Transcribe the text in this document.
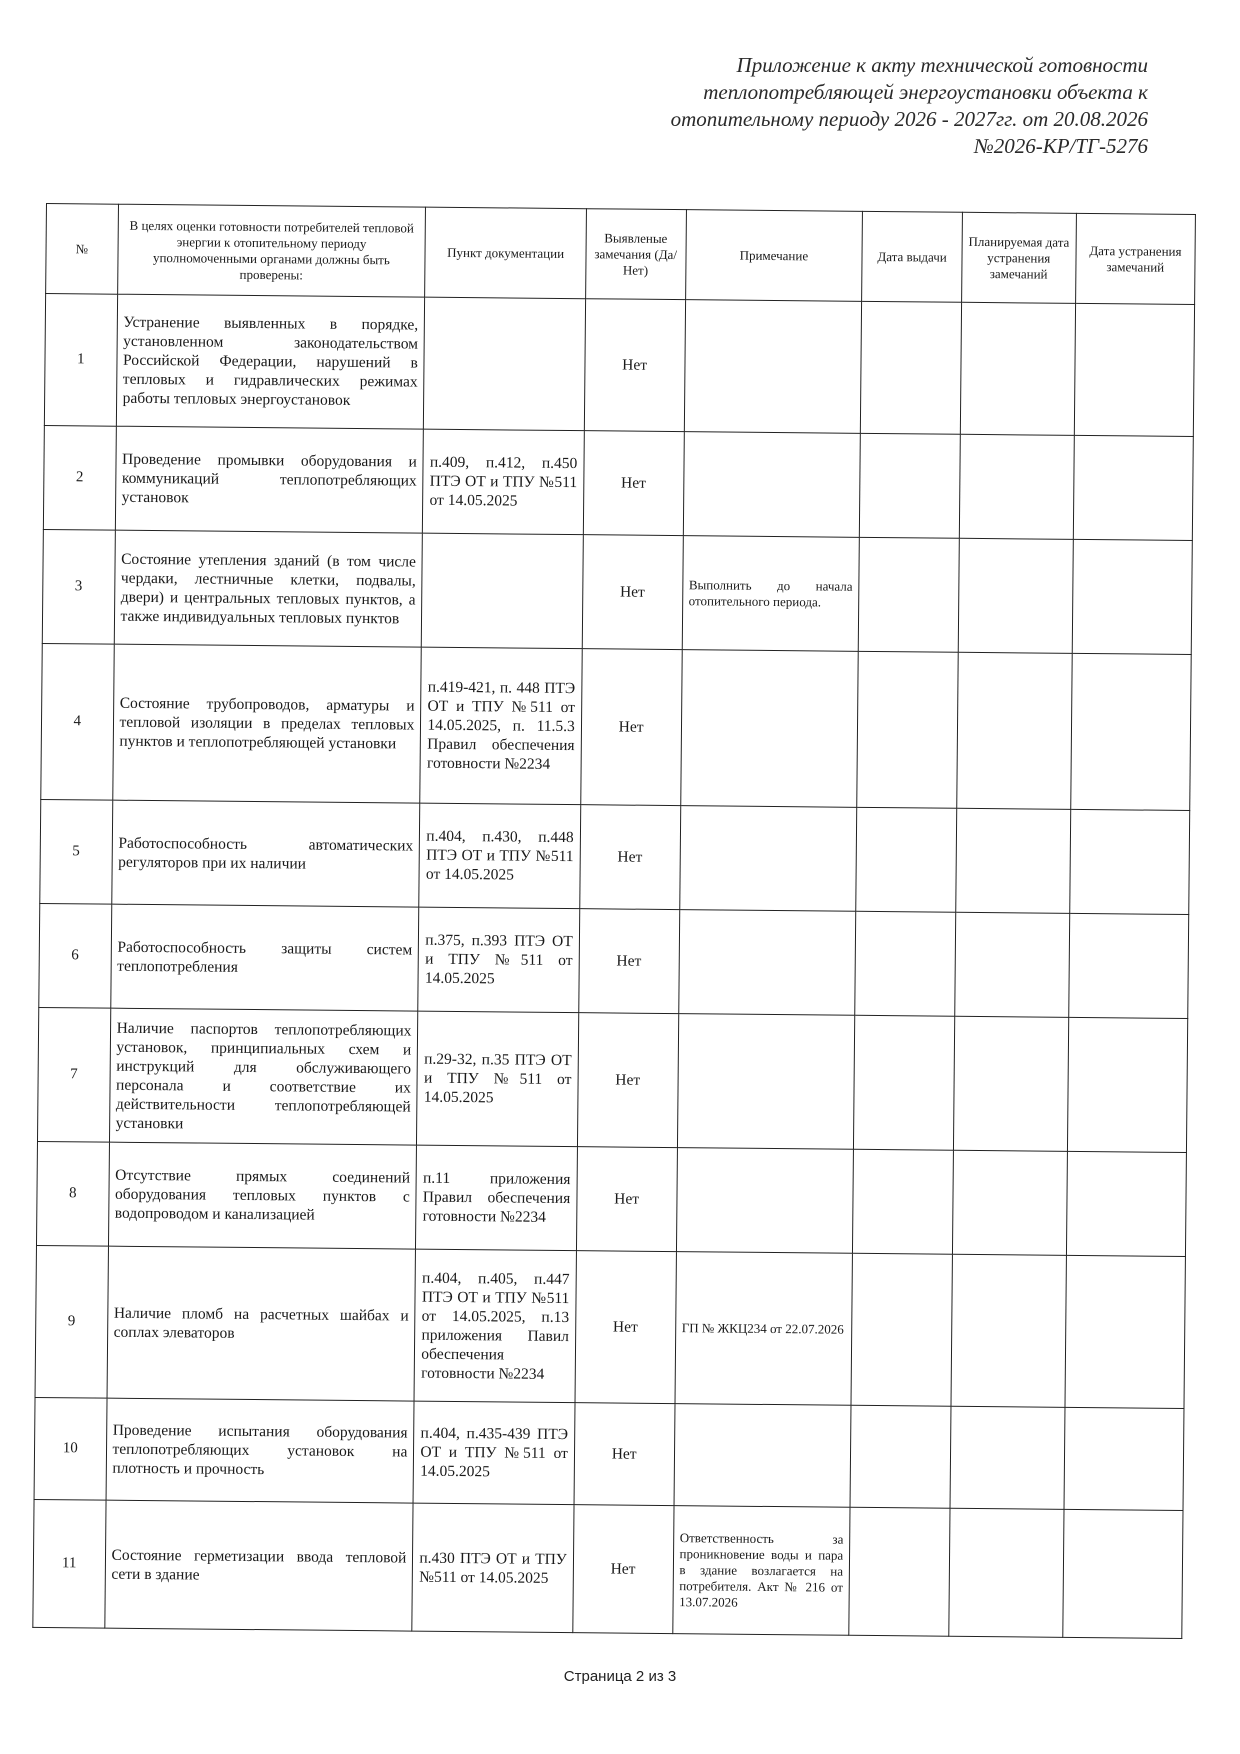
Приложение к акту технической готовности
теплопотребляющей энергоустановки объекта к
отопительному периоду 2026 - 2027гг. от 20.08.2026
№2026-КР/ТГ-5276
№	В целях оценки готовности потребителей тепловой энергии к отопительному периоду уполномоченными органами должны быть проверены:	Пункт документации	Выявленые замечания (Да/Нет)	Примечание	Дата выдачи	Планируемая дата устранения замечаний	Дата устранения замечаний
1	Устранение выявленных в порядке, установленном законодательством Российской Федерации, нарушений в тепловых и гидравлических режимах работы тепловых энергоустановок		Нет				
2	Проведение промывки оборудования и коммуникаций теплопотребляющих установок	п.409, п.412, п.450 ПТЭ ОТ и ТПУ №511 от 14.05.2025	Нет				
3	Состояние утепления зданий (в том числе чердаки, лестничные клетки, подвалы, двери) и центральных тепловых пунктов, а также индивидуальных тепловых пунктов		Нет	Выполнить до начала отопительного периода.			
4	Состояние трубопроводов, арматуры и тепловой изоляции в пределах тепловых пунктов и теплопотребляющей установки	п.419-421, п. 448 ПТЭ ОТ и ТПУ №511 от 14.05.2025, п. 11.5.3 Правил обеспечения готовности №2234	Нет				
5	Работоспособность автоматических регуляторов при их наличии	п.404, п.430, п.448 ПТЭ ОТ и ТПУ №511 от 14.05.2025	Нет				
6	Работоспособность защиты систем теплопотребления	п.375, п.393 ПТЭ ОТ и ТПУ №511 от 14.05.2025	Нет				
7	Наличие паспортов теплопотребляющих установок, принципиальных схем и инструкций для обслуживающего персонала и соответствие их действительности теплопотребляющей установки	п.29-32, п.35 ПТЭ ОТ и ТПУ №511 от 14.05.2025	Нет				
8	Отсутствие прямых соединений оборудования тепловых пунктов с водопроводом и канализацией	п.11 приложения Правил обеспечения готовности №2234	Нет				
9	Наличие пломб на расчетных шайбах и соплах элеваторов	п.404, п.405, п.447 ПТЭ ОТ и ТПУ №511 от 14.05.2025, п.13 приложения Павил обеспечения готовности №2234	Нет	ГП № ЖКЦ234 от 22.07.2026			
10	Проведение испытания оборудования теплопотребляющих установок на плотность и прочность	п.404, п.435-439 ПТЭ ОТ и ТПУ №511 от 14.05.2025	Нет				
11	Состояние герметизации ввода тепловой сети в здание	п.430 ПТЭ ОТ и ТПУ №511 от 14.05.2025	Нет	Ответственность за проникновение воды и пара в здание возлагается на потребителя. Акт № 216 от 13.07.2026			
Страница 2 из 3
